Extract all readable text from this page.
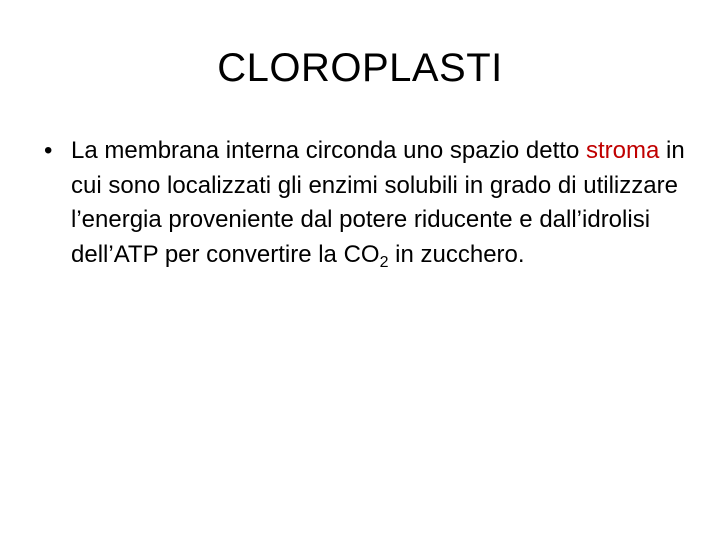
CLOROPLASTI
• La membrana interna circonda uno spazio detto stroma in cui sono localizzati gli enzimi solubili in grado di utilizzare l’energia proveniente dal potere riducente e dall’idrolisi dell’ATP per convertire la $CO_2$ in zucchero.
